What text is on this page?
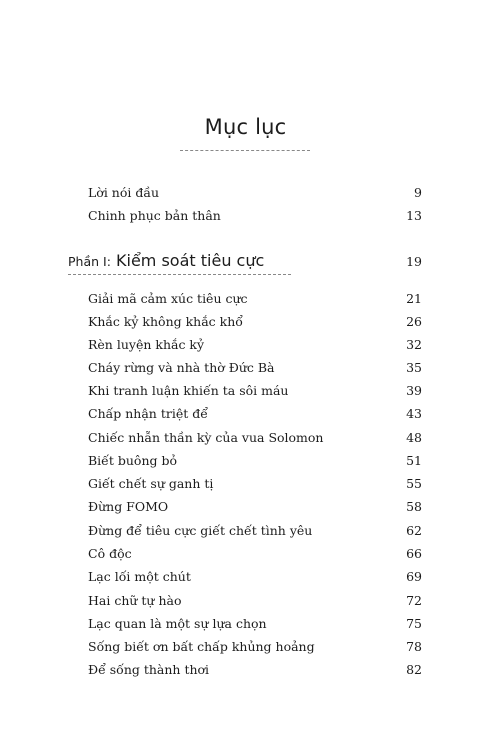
Mục lục
Lời nói đầu	9
Chinh phục bản thân	13
Phần I: Kiểm soát tiêu cực	19
Giải mã cảm xúc tiêu cực	21
Khắc kỷ không khắc khổ	26
Rèn luyện khắc kỷ	32
Cháy rừng và nhà thờ Đức Bà	35
Khi tranh luận khiến ta sôi máu	39
Chấp nhận triệt để	43
Chiếc nhẫn thần kỳ của vua Solomon	48
Biết buông bỏ	51
Giết chết sự ganh tị	55
Đừng FOMO	58
Đừng để tiêu cực giết chết tình yêu	62
Cô độc	66
Lạc lối một chút	69
Hai chữ tự hào	72
Lạc quan là một sự lựa chọn	75
Sống biết ơn bất chấp khủng hoảng	78
Để sống thành thơi	82
